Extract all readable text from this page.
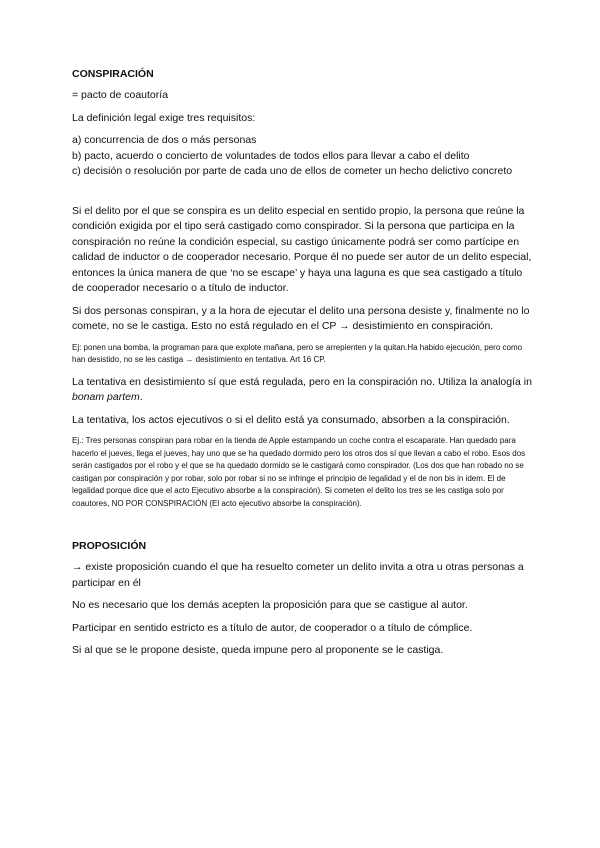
CONSPIRACIÓN
= pacto de coautoría
La definición legal exige tres requisitos:
a) concurrencia de dos o más personas
b) pacto, acuerdo o concierto de voluntades de todos ellos para llevar a cabo el delito
c) decisión o resolución por parte de cada uno de ellos de cometer un hecho delictivo concreto
Si el delito por el que se conspira es un delito especial en sentido propio, la persona que reúne la condición exigida por el tipo será castigado como conspirador. Si la persona que participa en la conspiración no reúne la condición especial, su castigo únicamente podrá ser como partícipe en calidad de inductor o de cooperador necesario. Porque él no puede ser autor de un delito especial, entonces la única manera de que ‘no se escape’ y haya una laguna es que sea castigado a título de cooperador necesario o a título de inductor.
Si dos personas conspiran, y a la hora de ejecutar el delito una persona desiste y, finalmente no lo comete, no se le castiga. Esto no está regulado en el CP → desistimiento en conspiración.
Ej: ponen una bomba, la programan para que explote mañana, pero se arrepienten y la quitan.Ha habido ejecución, pero como han desistido, no se les castiga → desistimiento en tentativa. Art 16 CP.
La tentativa en desistimiento sí que está regulada, pero en la conspiración no. Utiliza la analogía in bonam partem.
La tentativa, los actos ejecutivos o si el delito está ya consumado, absorben a la conspiración.
Ej.: Tres personas conspiran para robar en la tienda de Apple estampando un coche contra el escaparate. Han quedado para hacerlo el jueves, llega el jueves, hay uno que se ha quedado dormido pero los otros dos sí que llevan a cabo el robo. Esos dos serán castigados por el robo y el que se ha quedado dormido se le castigará como conspirador. (Los dos que han robado no se castigan por conspiración y por robar, solo por robar si no se infringe el principio de legalidad y el de non bis in idem. El de legalidad porque dice que el acto Ejecutivo absorbe a la conspiración). Si cometen el delito los tres se les castiga solo por coautores, NO POR CONSPIRACIÓN (El acto ejecutivo absorbe la conspiración).
PROPOSICIÓN
→ existe proposición cuando el que ha resuelto cometer un delito invita a otra u otras personas a participar en él
No es necesario que los demás acepten la proposición para que se castigue al autor.
Participar en sentido estricto es a título de autor, de cooperador o a título de cómplice.
Si al que se le propone desiste, queda impune pero al proponente se le castiga.
